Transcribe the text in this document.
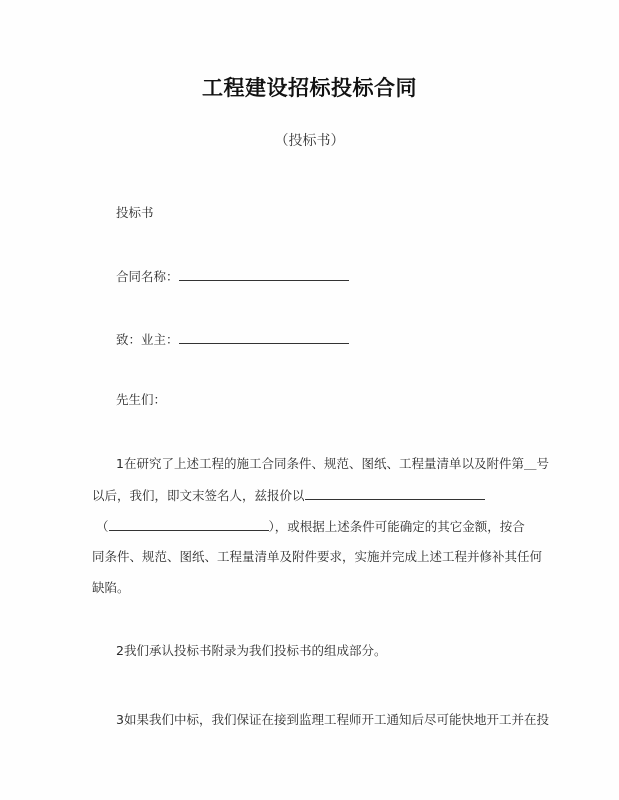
工程建设招标投标合同
（投标书）
投标书
合同名称：
致：业主：
先生们：
1在研究了上述工程的施工合同条件、规范、图纸、工程量清单以及附件第＿号
以后，我们，即文末签名人，兹报价以
（	），或根据上述条件可能确定的其它金额，按合
同条件、规范、图纸、工程量清单及附件要求，实施并完成上述工程并修补其任何
缺陷。
2我们承认投标书附录为我们投标书的组成部分。
3如果我们中标，我们保证在接到监理工程师开工通知后尽可能快地开工并在投
